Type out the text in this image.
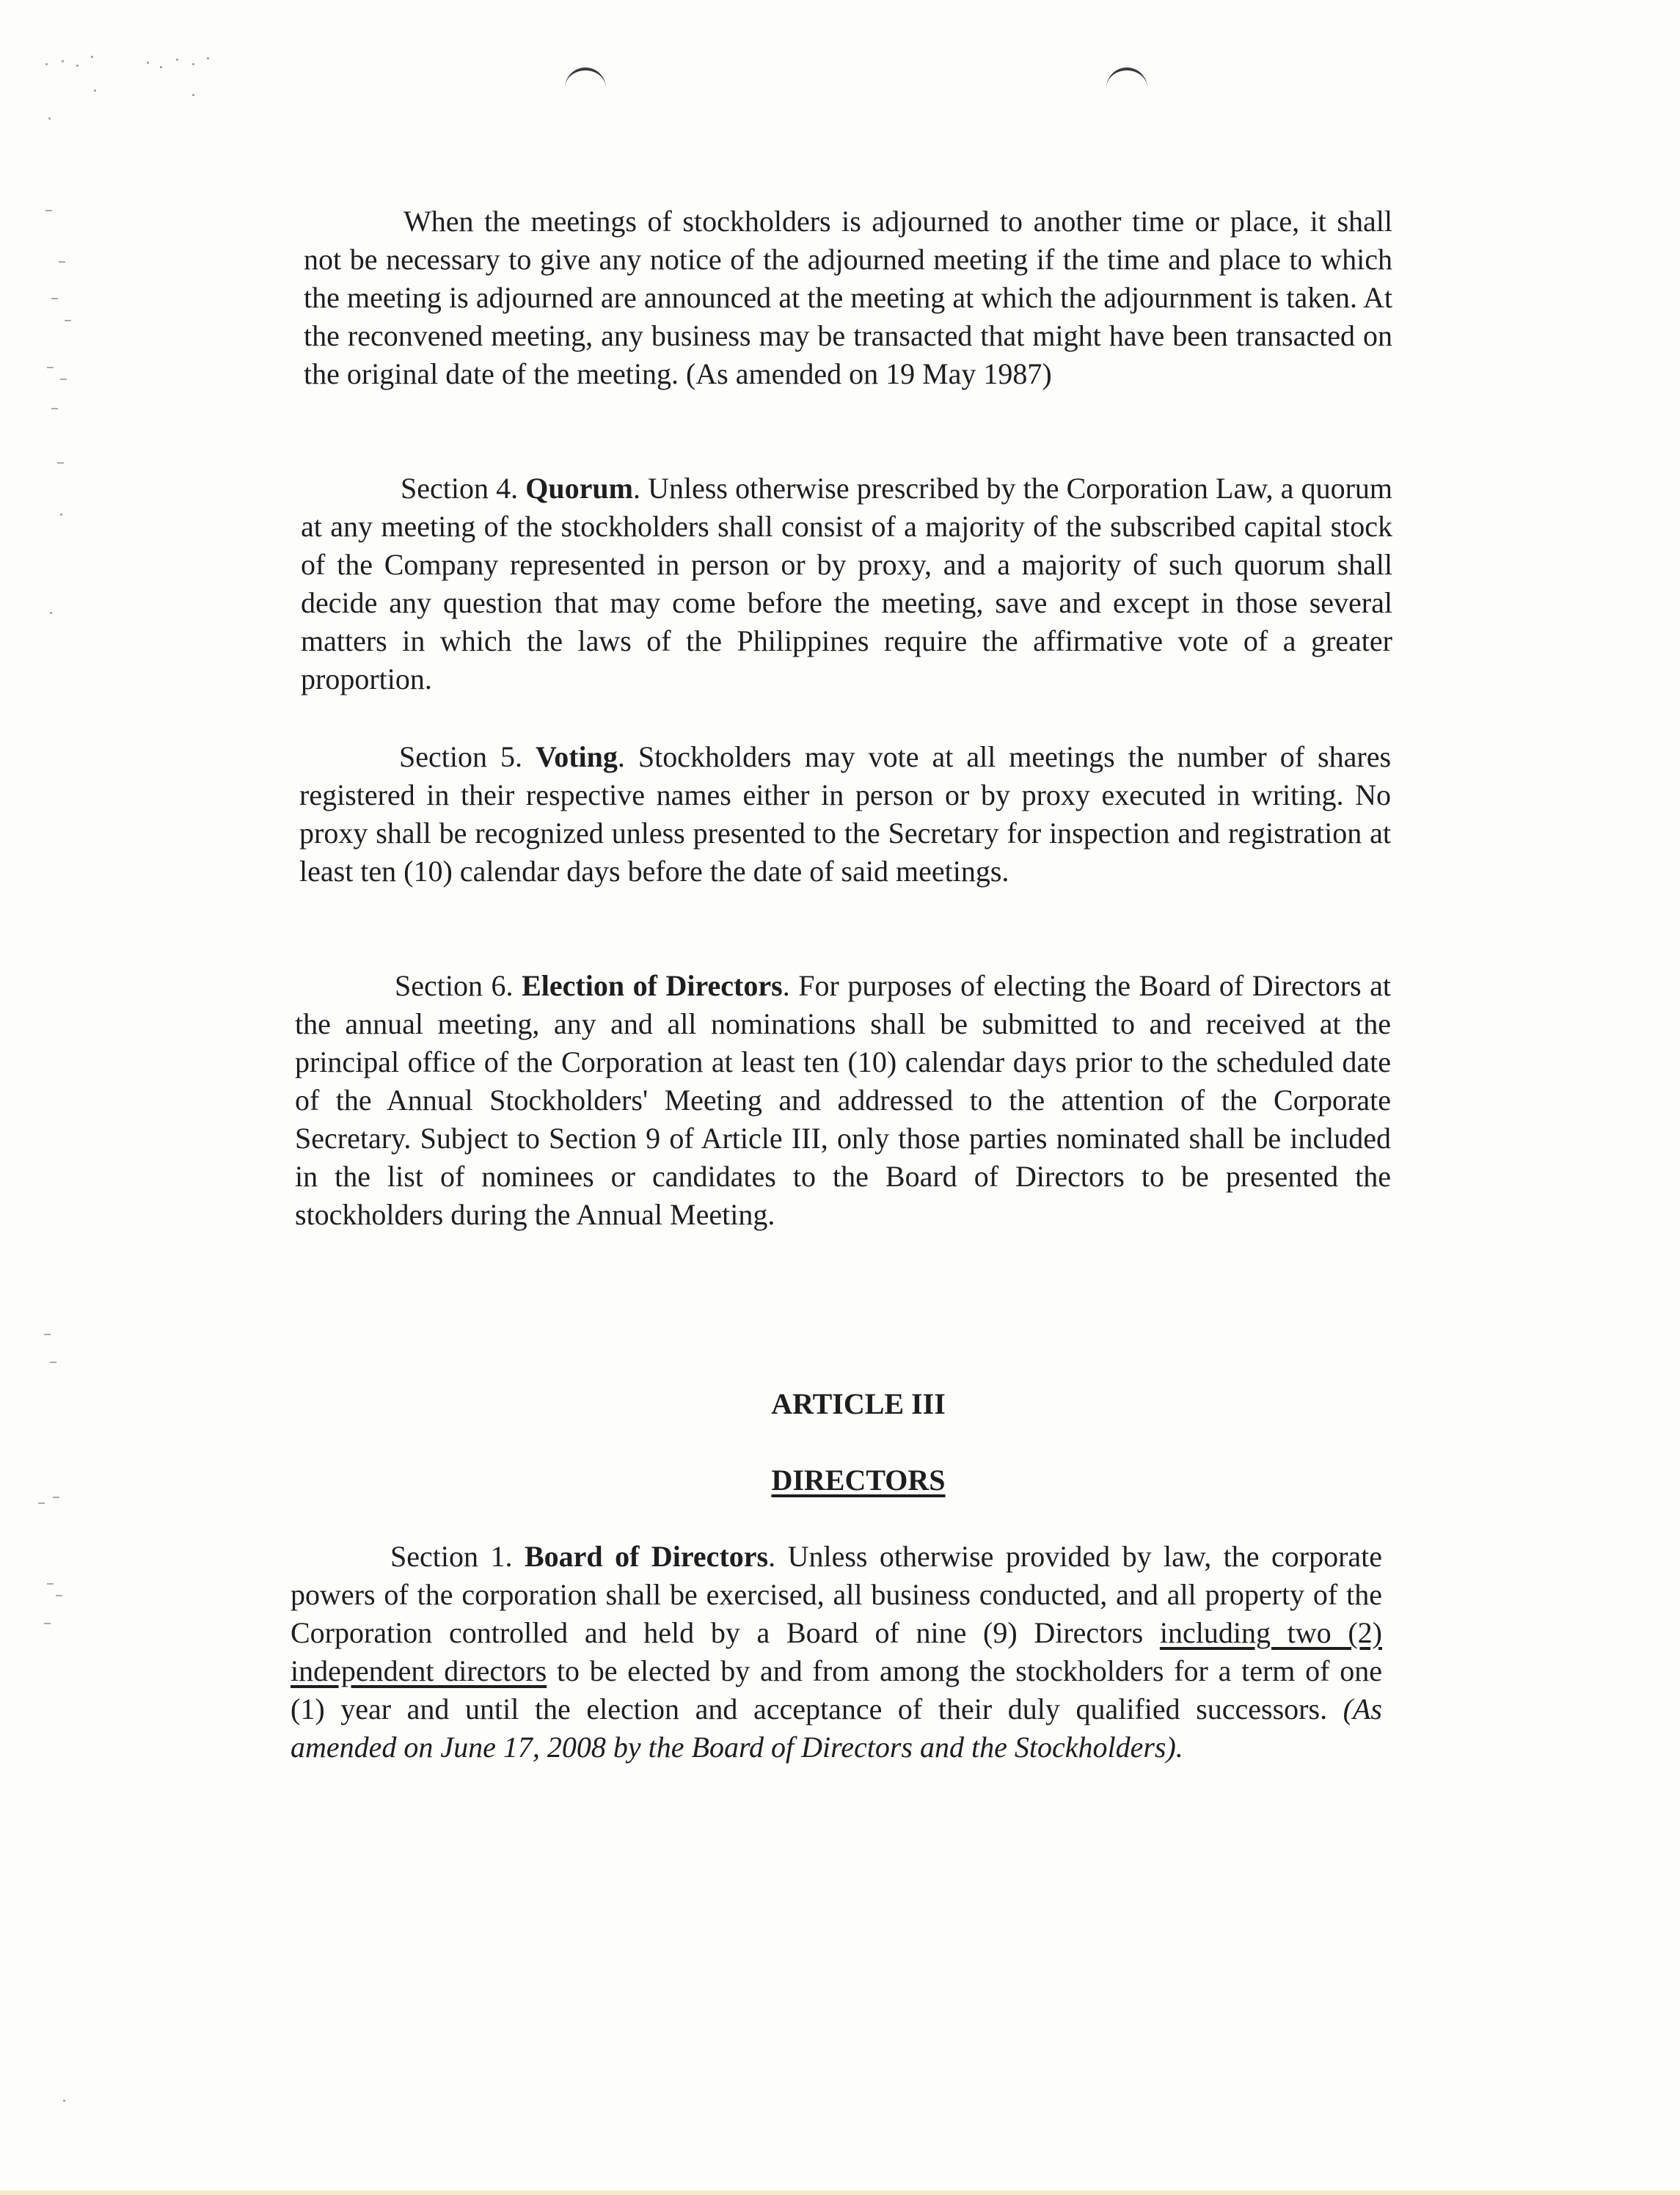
When the meetings of stockholders is adjourned to another time or place, it shall not be necessary to give any notice of the adjourned meeting if the time and place to which the meeting is adjourned are announced at the meeting at which the adjournment is taken. At the reconvened meeting, any business may be transacted that might have been transacted on the original date of the meeting. (As amended on 19 May 1987)

Section 4. Quorum. Unless otherwise prescribed by the Corporation Law, a quorum at any meeting of the stockholders shall consist of a majority of the subscribed capital stock of the Company represented in person or by proxy, and a majority of such quorum shall decide any question that may come before the meeting, save and except in those several matters in which the laws of the Philippines require the affirmative vote of a greater proportion.

Section 5. Voting. Stockholders may vote at all meetings the number of shares registered in their respective names either in person or by proxy executed in writing. No proxy shall be recognized unless presented to the Secretary for inspection and registration at least ten (10) calendar days before the date of said meetings.

Section 6. Election of Directors. For purposes of electing the Board of Directors at the annual meeting, any and all nominations shall be submitted to and received at the principal office of the Corporation at least ten (10) calendar days prior to the scheduled date of the Annual Stockholders' Meeting and addressed to the attention of the Corporate Secretary. Subject to Section 9 of Article III, only those parties nominated shall be included in the list of nominees or candidates to the Board of Directors to be presented the stockholders during the Annual Meeting.

ARTICLE III

DIRECTORS

Section 1. Board of Directors. Unless otherwise provided by law, the corporate powers of the corporation shall be exercised, all business conducted, and all property of the Corporation controlled and held by a Board of nine (9) Directors including two (2) independent directors to be elected by and from among the stockholders for a term of one (1) year and until the election and acceptance of their duly qualified successors. (As amended on June 17, 2008 by the Board of Directors and the Stockholders).
